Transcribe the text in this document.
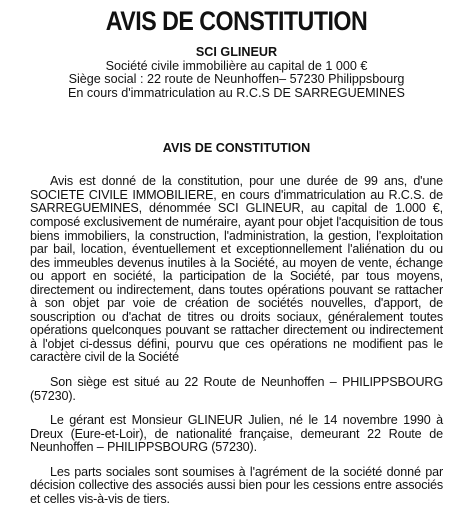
AVIS DE CONSTITUTION
SCI GLINEUR
Société civile immobilière au capital de 1 000 €
Siège social : 22 route de Neunhoffen– 57230 Philippsbourg
En cours d'immatriculation au R.C.S DE SARREGUEMINES
AVIS DE CONSTITUTION

Avis est donné de la constitution, pour une durée de 99 ans, d'une SOCIETE CIVILE IMMOBILIERE, en cours d'immatriculation au R.C.S. de SARREGUEMINES, dénommée SCI GLINEUR, au capital de 1.000 €, composé exclusivement de numéraire, ayant pour objet l'acquisition de tous biens immobiliers, la construction, l'administration, la gestion, l'exploitation par bail, location, éventuellement et exceptionnellement l'aliénation du ou des immeubles devenus inutiles à la Société, au moyen de vente, échange ou apport en société, la participation de la Société, par tous moyens, directement ou indirectement, dans toutes opérations pouvant se rattacher à son objet par voie de création de sociétés nouvelles, d'apport, de souscription ou d'achat de titres ou droits sociaux, généralement toutes opérations quelconques pouvant se rattacher directement ou indirectement à l'objet ci-dessus défini, pourvu que ces opérations ne modifient pas le caractère civil de la Société

Son siège est situé au 22 Route de Neunhoffen – PHILIPPSBOURG (57230).

Le gérant est Monsieur GLINEUR Julien, né le 14 novembre 1990 à Dreux (Eure-et-Loir), de nationalité française, demeurant 22 Route de Neunhoffen – PHILIPPSBOURG (57230).

Les parts sociales sont soumises à l'agrément de la société donné par décision collective des associés aussi bien pour les cessions entre associés et celles vis-à-vis de tiers.
